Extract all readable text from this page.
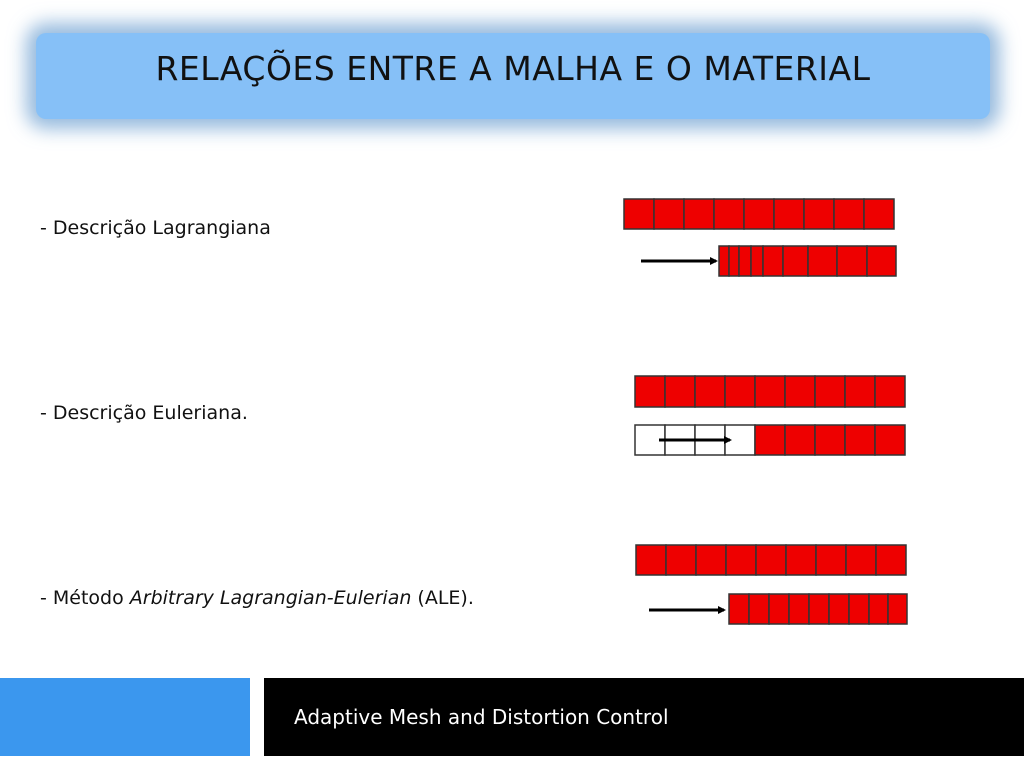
RELAÇÕES ENTRE A MALHA E O MATERIAL
- Descrição Lagrangiana
- Descrição Euleriana.
- Método Arbitrary Lagrangian-Eulerian (ALE).
Adaptive Mesh and Distortion Control
